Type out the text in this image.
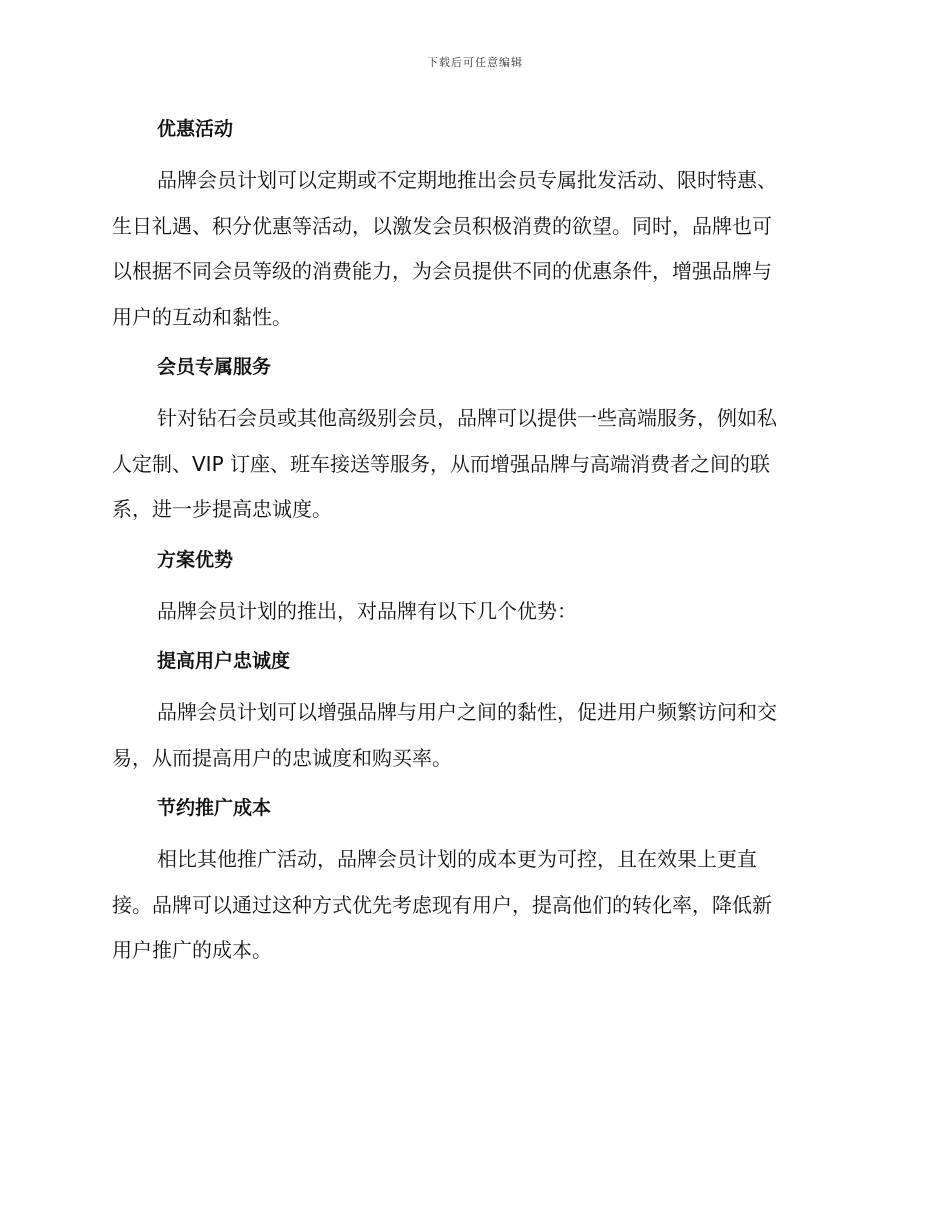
下载后可任意编辑
优惠活动

品牌会员计划可以定期或不定期地推出会员专属批发活动、限时特惠、
生日礼遇、积分优惠等活动，以激发会员积极消费的欲望。同时，品牌也可
以根据不同会员等级的消费能力，为会员提供不同的优惠条件，增强品牌与
用户的互动和黏性。

会员专属服务

针对钻石会员或其他高级别会员，品牌可以提供一些高端服务，例如私
人定制、VIP 订座、班车接送等服务，从而增强品牌与高端消费者之间的联
系，进一步提高忠诚度。

方案优势

品牌会员计划的推出，对品牌有以下几个优势：

提高用户忠诚度

品牌会员计划可以增强品牌与用户之间的黏性，促进用户频繁访问和交
易，从而提高用户的忠诚度和购买率。

节约推广成本

相比其他推广活动，品牌会员计划的成本更为可控，且在效果上更直
接。品牌可以通过这种方式优先考虑现有用户，提高他们的转化率，降低新
用户推广的成本。
